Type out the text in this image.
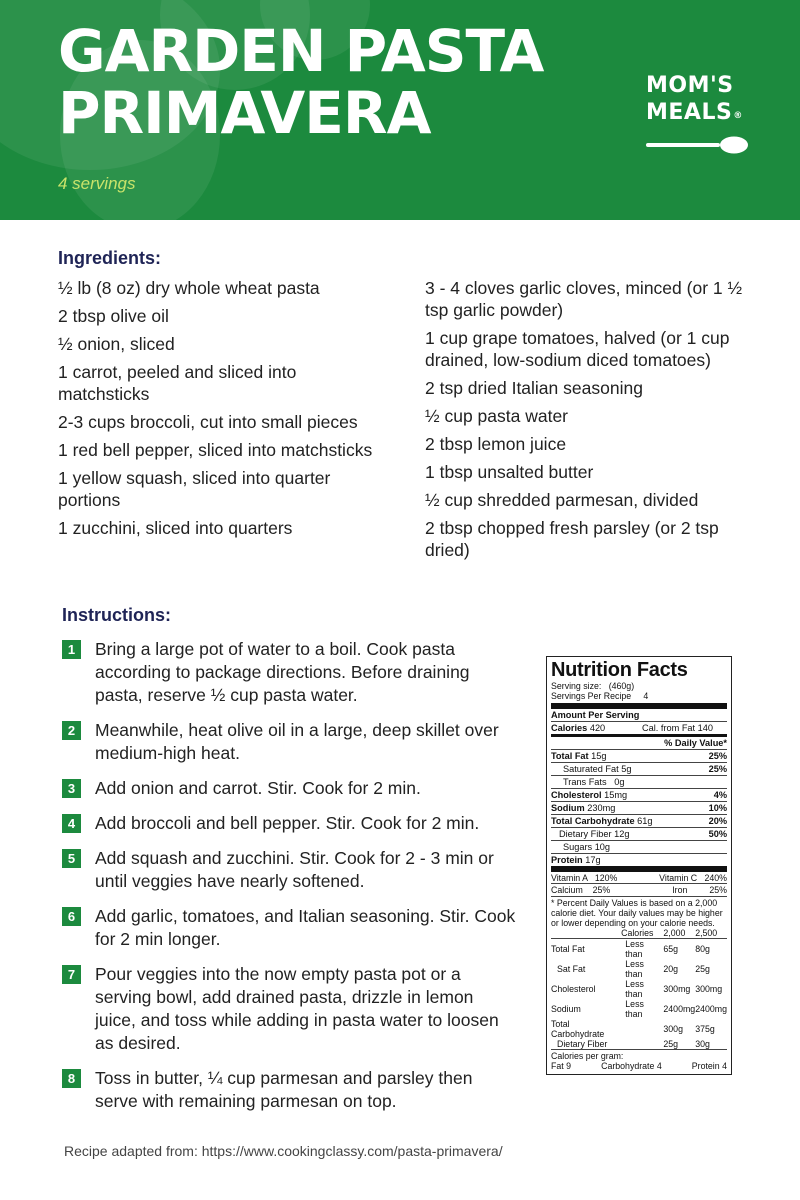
GARDEN PASTA
PRIMAVERA
4 servings
MOM'S
MEALS®
Ingredients:
½ lb (8 oz) dry whole wheat pasta
2 tbsp olive oil
½ onion, sliced
1 carrot, peeled and sliced into matchsticks
2-3 cups broccoli, cut into small pieces
1 red bell pepper, sliced into matchsticks
1 yellow squash, sliced into quarter portions
1 zucchini, sliced into quarters
3 - 4 cloves garlic cloves, minced (or 1 ½ tsp garlic powder)
1 cup grape tomatoes, halved (or 1 cup drained, low-sodium diced tomatoes)
2 tsp dried Italian seasoning
½ cup pasta water
2 tbsp lemon juice
1 tbsp unsalted butter
½ cup shredded parmesan, divided
2 tbsp chopped fresh parsley (or 2 tsp dried)
Instructions:
1	Bring a large pot of water to a boil. Cook pasta according to package directions. Before draining pasta, reserve ½ cup pasta water.
2	Meanwhile, heat olive oil in a large, deep skillet over medium-high heat.
3	Add onion and carrot. Stir. Cook for 2 min.
4	Add broccoli and bell pepper. Stir. Cook for 2 min.
5	Add squash and zucchini. Stir. Cook for 2 - 3 min or until veggies have nearly softened.
6	Add garlic, tomatoes, and Italian seasoning. Stir. Cook for 2 min longer.
7	Pour veggies into the now empty pasta pot or a serving bowl, add drained pasta, drizzle in lemon juice, and toss while adding in pasta water to loosen as desired.
8	Toss in butter, ¼ cup parmesan and parsley then serve with remaining parmesan on top.
Nutrition Facts
Serving size: (460g)
Servings Per Recipe 4
Amount Per Serving
Calories 420	Cal. from Fat 140
% Daily Value*
Total Fat 15g	25%
Saturated Fat 5g	25%
Trans Fats 0g
Cholesterol 15mg	4%
Sodium 230mg	10%
Total Carbohydrate 61g	20%
Dietary Fiber 12g	50%
Sugars 10g
Protein 17g
Vitamin A 120%	Vitamin C 240%
Calcium 25%	Iron	25%
* Percent Daily Values is based on a 2,000 calorie diet. Your daily values may be higher or lower depending on your calorie needs.
Calories		2,000	2,500
Total Fat	Less than	65g	80g
Sat Fat	Less than	20g	25g
Cholesterol	Less than	300mg	300mg
Sodium	Less than	2400mg	2400mg
Total Carbohydrate		300g	375g
Dietary Fiber		25g	30g
Calories per gram:
Fat 9	Carbohydrate 4	Protein 4
Recipe adapted from: https://www.cookingclassy.com/pasta-primavera/
